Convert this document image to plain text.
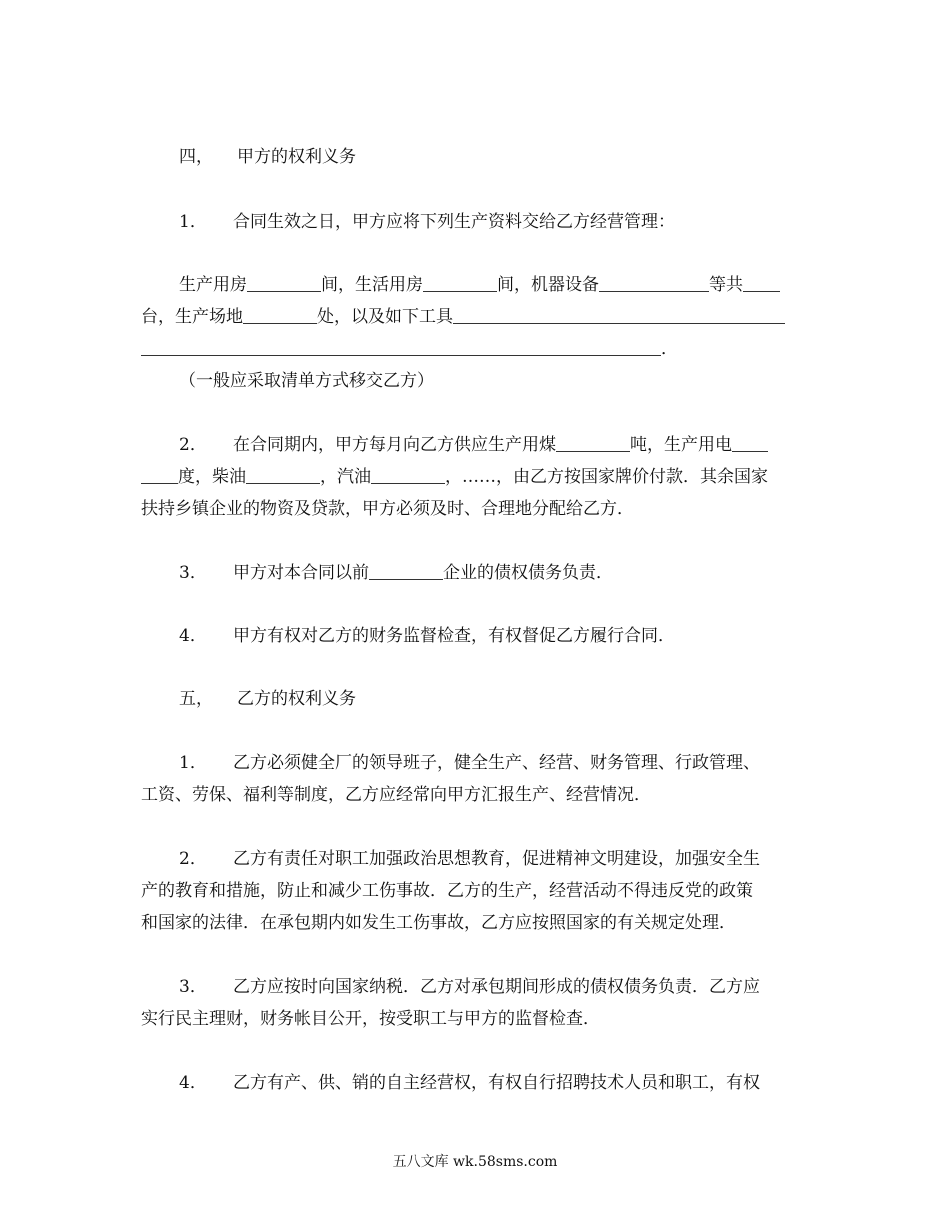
四， 甲方的权利义务
1． 合同生效之日，甲方应将下列生产资料交给乙方经营管理：
生产用房	间，生活用房	间，机器设备	等共
台，生产场地	处，以及如下工具
．
（一般应采取清单方式移交乙方）
2． 在合同期内，甲方每月向乙方供应生产用煤	吨，生产用电
度，柴油	，汽油	，……，由乙方按国家牌价付款．其余国家
扶持乡镇企业的物资及贷款，甲方必须及时、合理地分配给乙方．
3． 甲方对本合同以前	企业的债权债务负责．
4． 甲方有权对乙方的财务监督检查，有权督促乙方履行合同．
五， 乙方的权利义务
1． 乙方必须健全厂的领导班子，健全生产、经营、财务管理、行政管理、
工资、劳保、福利等制度，乙方应经常向甲方汇报生产、经营情况．
2． 乙方有责任对职工加强政治思想教育，促进精神文明建设，加强安全生
产的教育和措施，防止和减少工伤事故．乙方的生产，经营活动不得违反党的政策
和国家的法律．在承包期内如发生工伤事故，乙方应按照国家的有关规定处理．
3． 乙方应按时向国家纳税．乙方对承包期间形成的债权债务负责．乙方应
实行民主理财，财务帐目公开，按受职工与甲方的监督检查．
4． 乙方有产、供、销的自主经营权，有权自行招聘技术人员和职工，有权
五八文库 wk.58sms.com
